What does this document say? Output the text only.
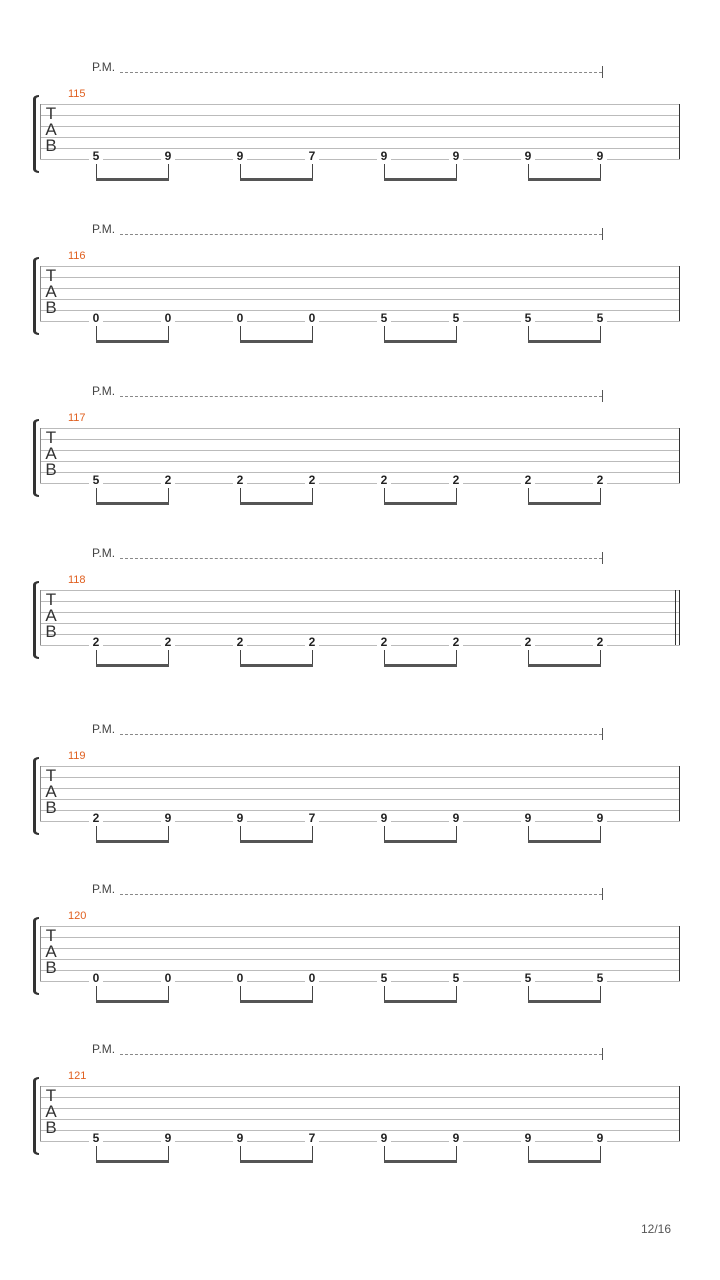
P.M.
115
T
A
B
5	9	9	7	9	9	9	9
P.M.
116
T
A
B
0	0	0	0	5	5	5	5
P.M.
117
T
A
B
5	2	2	2	2	2	2	2
P.M.
118
T
A
B
2	2	2	2	2	2	2	2
P.M.
119
T
A
B
2	9	9	7	9	9	9	9
P.M.
120
T
A
B
0	0	0	0	5	5	5	5
P.M.
121
T
A
B
5	9	9	7	9	9	9	9
12/16
